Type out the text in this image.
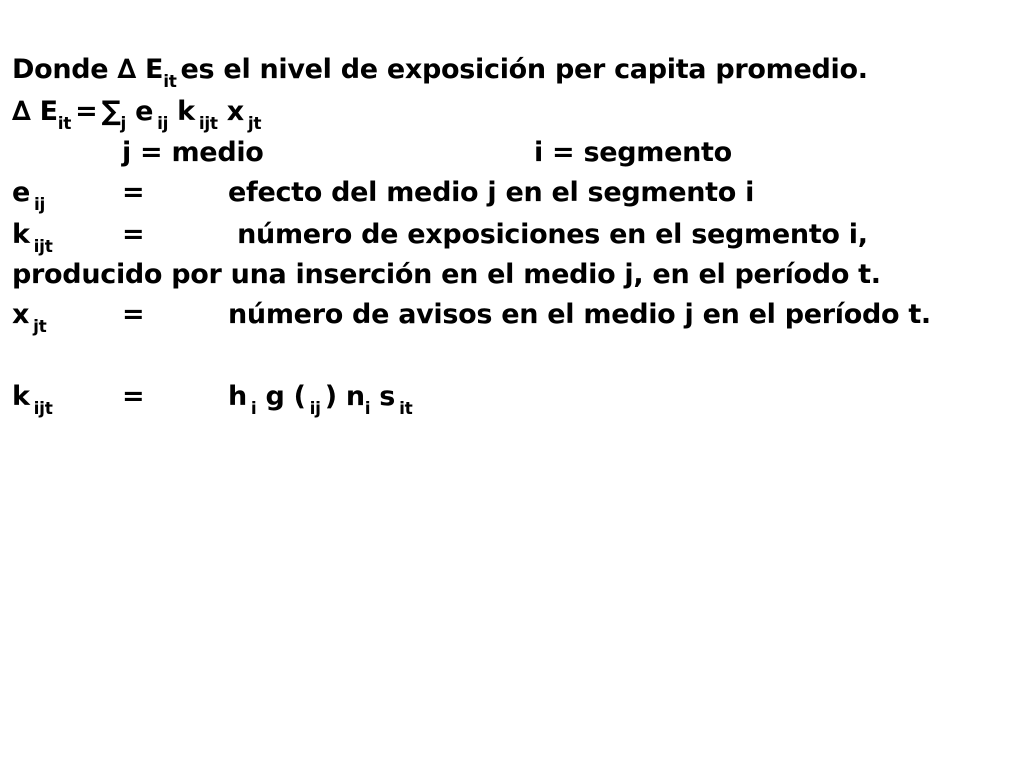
Donde ∆ $E_{it}$ es el nivel de exposición per capita promedio.
∆ $E_{it} = \sum_j$ e $_{ij}$ k $_{ijt}$ x $_{jt}$
j = medio	i = segmento
e $_{ij}$	=	efecto del medio j en el segmento i
k $_{ijt}$	=	número de exposiciones en el segmento i,
producido por una inserción en el medio j, en el período t.
x $_{jt}$	=	número de avisos en el medio j en el período t.
k $_{ijt}$	=	h $_i$ g ( $_{ij}$ ) $n_i$ s $_{it}$
